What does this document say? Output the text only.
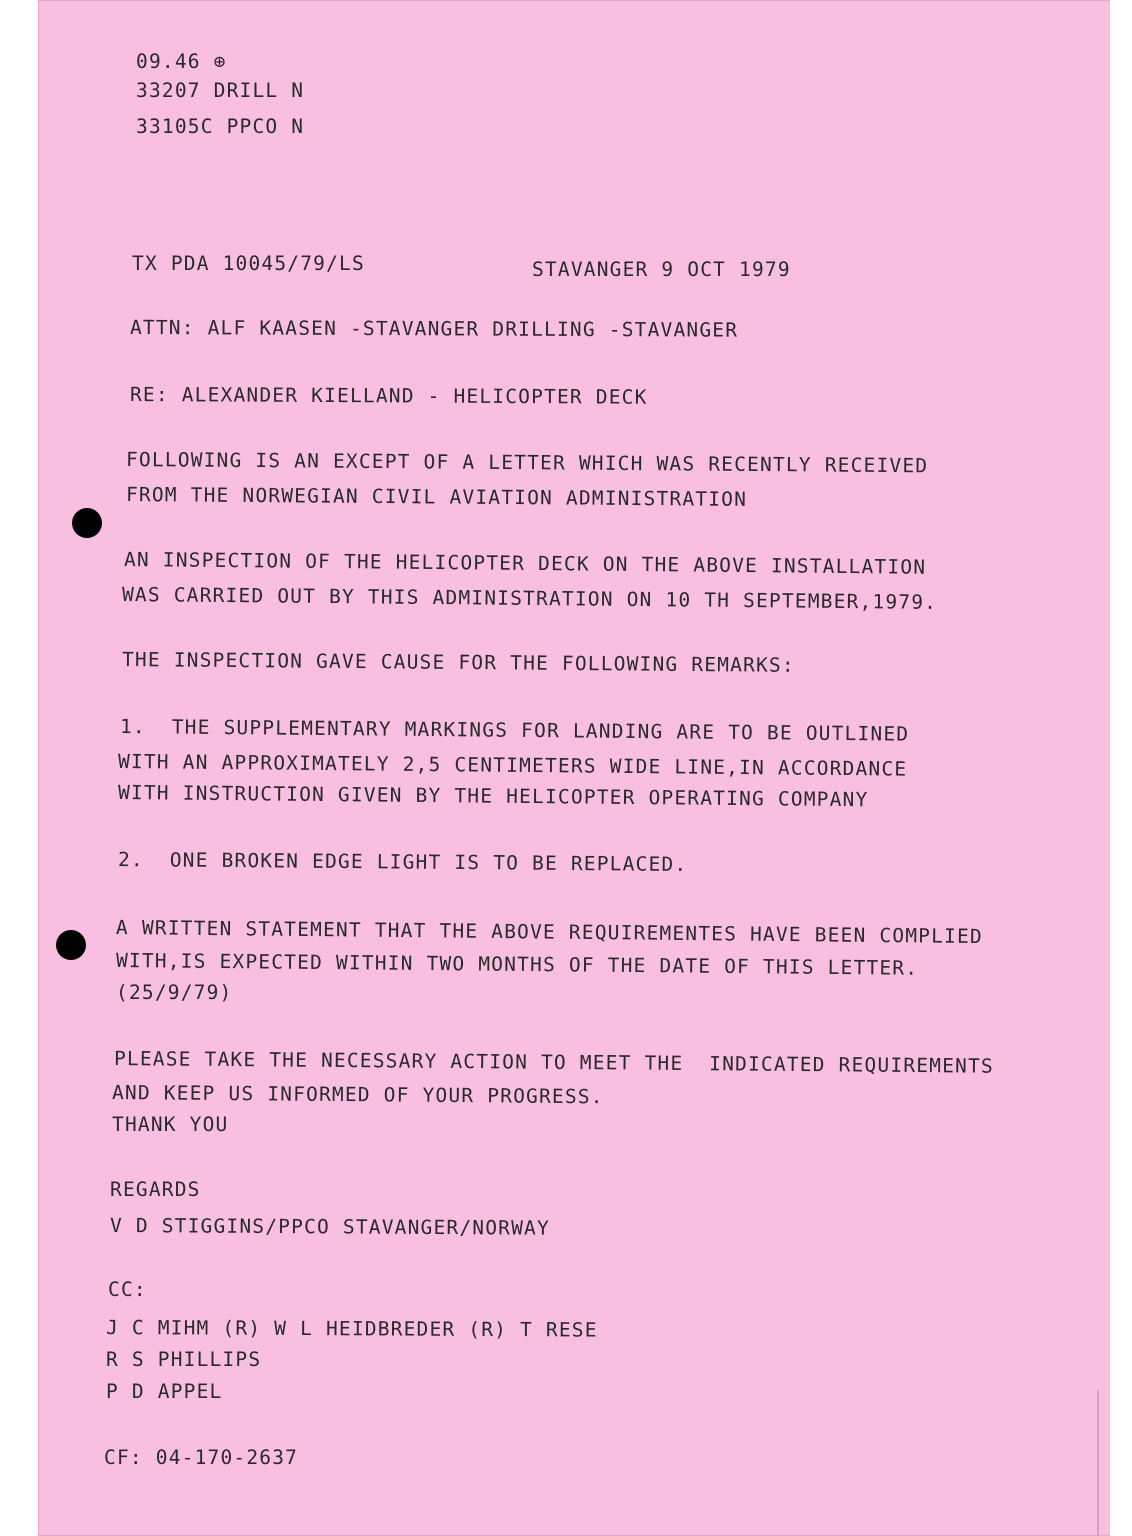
09.46 ⊕

33207 DRILL N

33105C PPCO N

TX PDA 10045/79/LS	STAVANGER 9 OCT 1979

ATTN: ALF KAASEN -STAVANGER DRILLING -STAVANGER

RE: ALEXANDER KIELLAND - HELICOPTER DECK

FOLLOWING IS AN EXCEPT OF A LETTER WHICH WAS RECENTLY RECEIVED

FROM THE NORWEGIAN CIVIL AVIATION ADMINISTRATION

AN INSPECTION OF THE HELICOPTER DECK ON THE ABOVE INSTALLATION

WAS CARRIED OUT BY THIS ADMINISTRATION ON 10 TH SEPTEMBER,1979.

THE INSPECTION GAVE CAUSE FOR THE FOLLOWING REMARKS:

1.  THE SUPPLEMENTARY MARKINGS FOR LANDING ARE TO BE OUTLINED

WITH AN APPROXIMATELY 2,5 CENTIMETERS WIDE LINE,IN ACCORDANCE

WITH INSTRUCTION GIVEN BY THE HELICOPTER OPERATING COMPANY

2.  ONE BROKEN EDGE LIGHT IS TO BE REPLACED.

A WRITTEN STATEMENT THAT THE ABOVE REQUIREMENTES HAVE BEEN COMPLIED

WITH,IS EXPECTED WITHIN TWO MONTHS OF THE DATE OF THIS LETTER.

(25/9/79)

PLEASE TAKE THE NECESSARY ACTION TO MEET THE  INDICATED REQUIREMENTS

AND KEEP US INFORMED OF YOUR PROGRESS.

THANK YOU

REGARDS

V D STIGGINS/PPCO STAVANGER/NORWAY

CC:

J C MIHM (R) W L HEIDBREDER (R) T RESE

R S PHILLIPS

P D APPEL

CF: 04-170-2637
